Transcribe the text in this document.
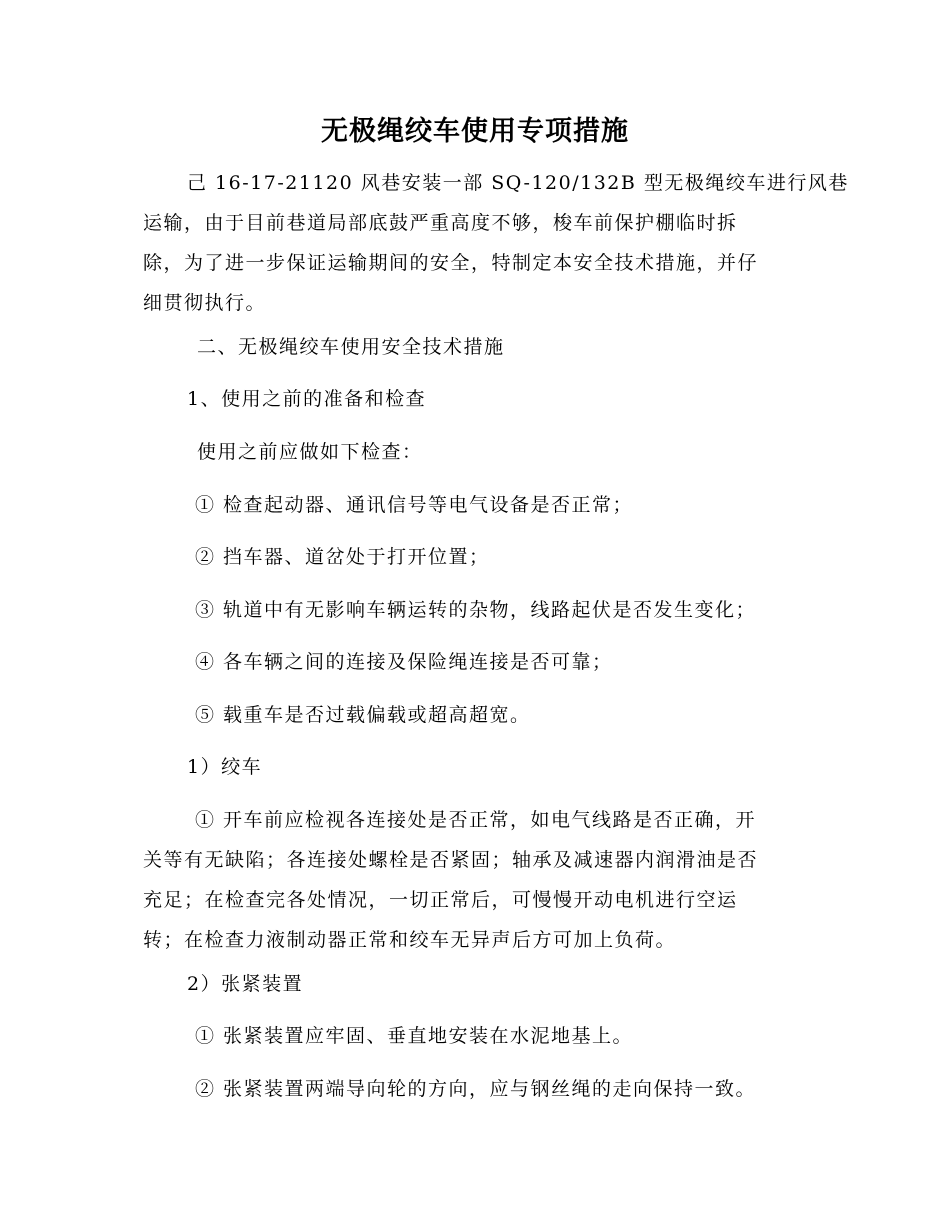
无极绳绞车使用专项措施
己 16-17-21120 风巷安装一部 SQ-120/132B 型无极绳绞车进行风巷
运输，由于目前巷道局部底鼓严重高度不够，梭车前保护棚临时拆
除，为了进一步保证运输期间的安全，特制定本安全技术措施，并仔
细贯彻执行。
二、无极绳绞车使用安全技术措施
1、使用之前的准备和检查
使用之前应做如下检查：
① 检查起动器、通讯信号等电气设备是否正常；
② 挡车器、道岔处于打开位置；
③ 轨道中有无影响车辆运转的杂物，线路起伏是否发生变化；
④ 各车辆之间的连接及保险绳连接是否可靠；
⑤ 载重车是否过载偏载或超高超宽。
1）绞车
① 开车前应检视各连接处是否正常，如电气线路是否正确，开
关等有无缺陷；各连接处螺栓是否紧固；轴承及减速器内润滑油是否
充足；在检查完各处情况，一切正常后，可慢慢开动电机进行空运
转；在检查力液制动器正常和绞车无异声后方可加上负荷。
2）张紧装置
① 张紧装置应牢固、垂直地安装在水泥地基上。
② 张紧装置两端导向轮的方向，应与钢丝绳的走向保持一致。
